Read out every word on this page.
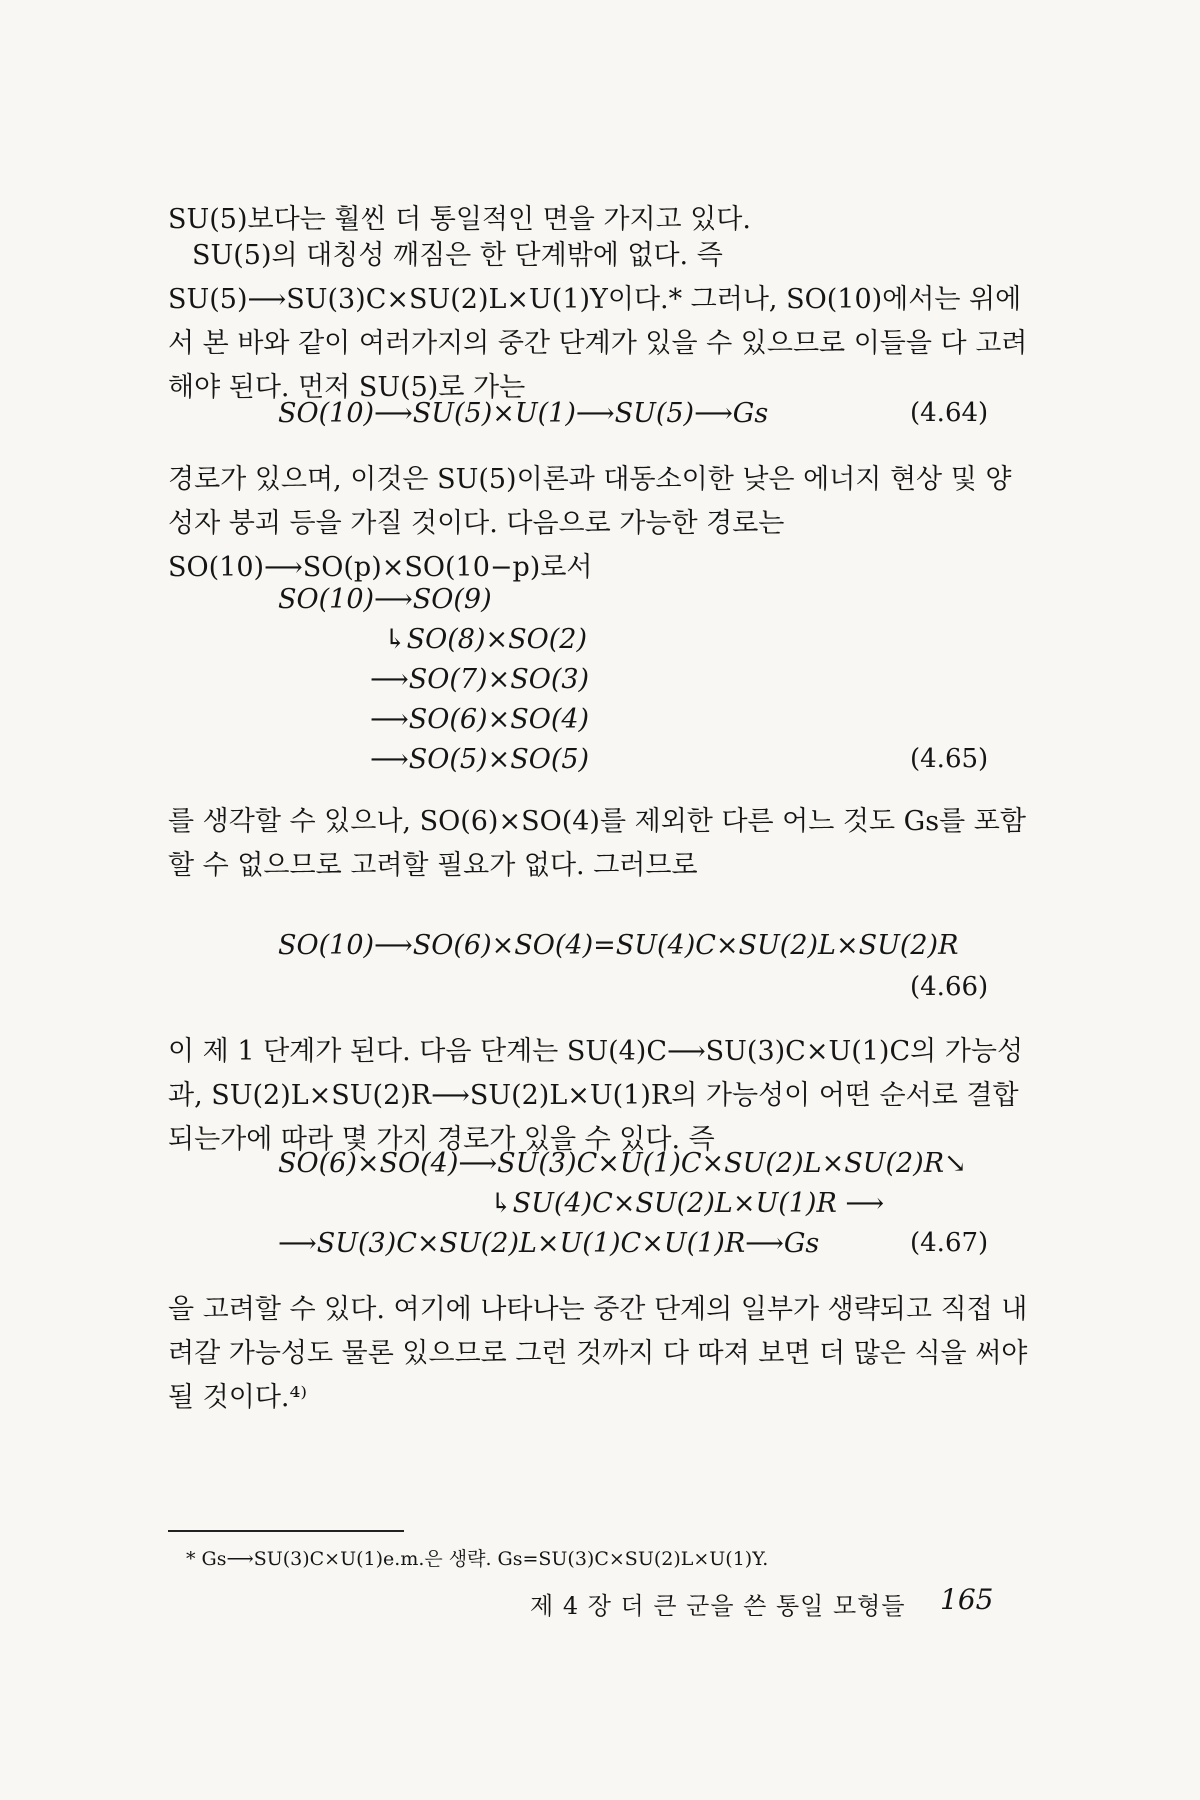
SU(5)보다는 훨씬 더 통일적인 면을 가지고 있다.

SU(5)의 대칭성 깨짐은 한 단계밖에 없다. 즉 SU(5)⟶SU(3)C×SU(2)L×U(1)Y이다.* 그러나, SO(10)에서는 위에서 본 바와 같이 여러가지의 중간 단계가 있을 수 있으므로 이들을 다 고려해야 된다. 먼저 SU(5)로 가는

SO(10)⟶SU(5)×U(1)⟶SU(5)⟶Gs	(4.64)

경로가 있으며, 이것은 SU(5)이론과 대동소이한 낮은 에너지 현상 및 양성자 붕괴 등을 가질 것이다. 다음으로 가능한 경로는 SO(10)⟶SO(p)×SO(10−p)로서

SO(10)⟶SO(9)
↳SO(8)×SO(2)
⟶SO(7)×SO(3)
⟶SO(6)×SO(4)
⟶SO(5)×SO(5)	(4.65)

를 생각할 수 있으나, SO(6)×SO(4)를 제외한 다른 어느 것도 Gs를 포함할 수 없으므로 고려할 필요가 없다. 그러므로

SO(10)⟶SO(6)×SO(4)=SU(4)C×SU(2)L×SU(2)R
(4.66)

이 제 1 단계가 된다. 다음 단계는 SU(4)C⟶SU(3)C×U(1)C의 가능성과, SU(2)L×SU(2)R⟶SU(2)L×U(1)R의 가능성이 어떤 순서로 결합되는가에 따라 몇 가지 경로가 있을 수 있다. 즉

SO(6)×SO(4)⟶SU(3)C×U(1)C×SU(2)L×SU(2)R↘
↳SU(4)C×SU(2)L×U(1)R ⟶
⟶SU(3)C×SU(2)L×U(1)C×U(1)R⟶Gs	(4.67)

을 고려할 수 있다. 여기에 나타나는 중간 단계의 일부가 생략되고 직접 내려갈 가능성도 물론 있으므로 그런 것까지 다 따져 보면 더 많은 식을 써야 될 것이다.⁴⁾

* Gs⟶SU(3)C×U(1)e.m.은 생략. Gs=SU(3)C×SU(2)L×U(1)Y.
제 4 장 더 큰 군을 쓴 통일 모형들 165
